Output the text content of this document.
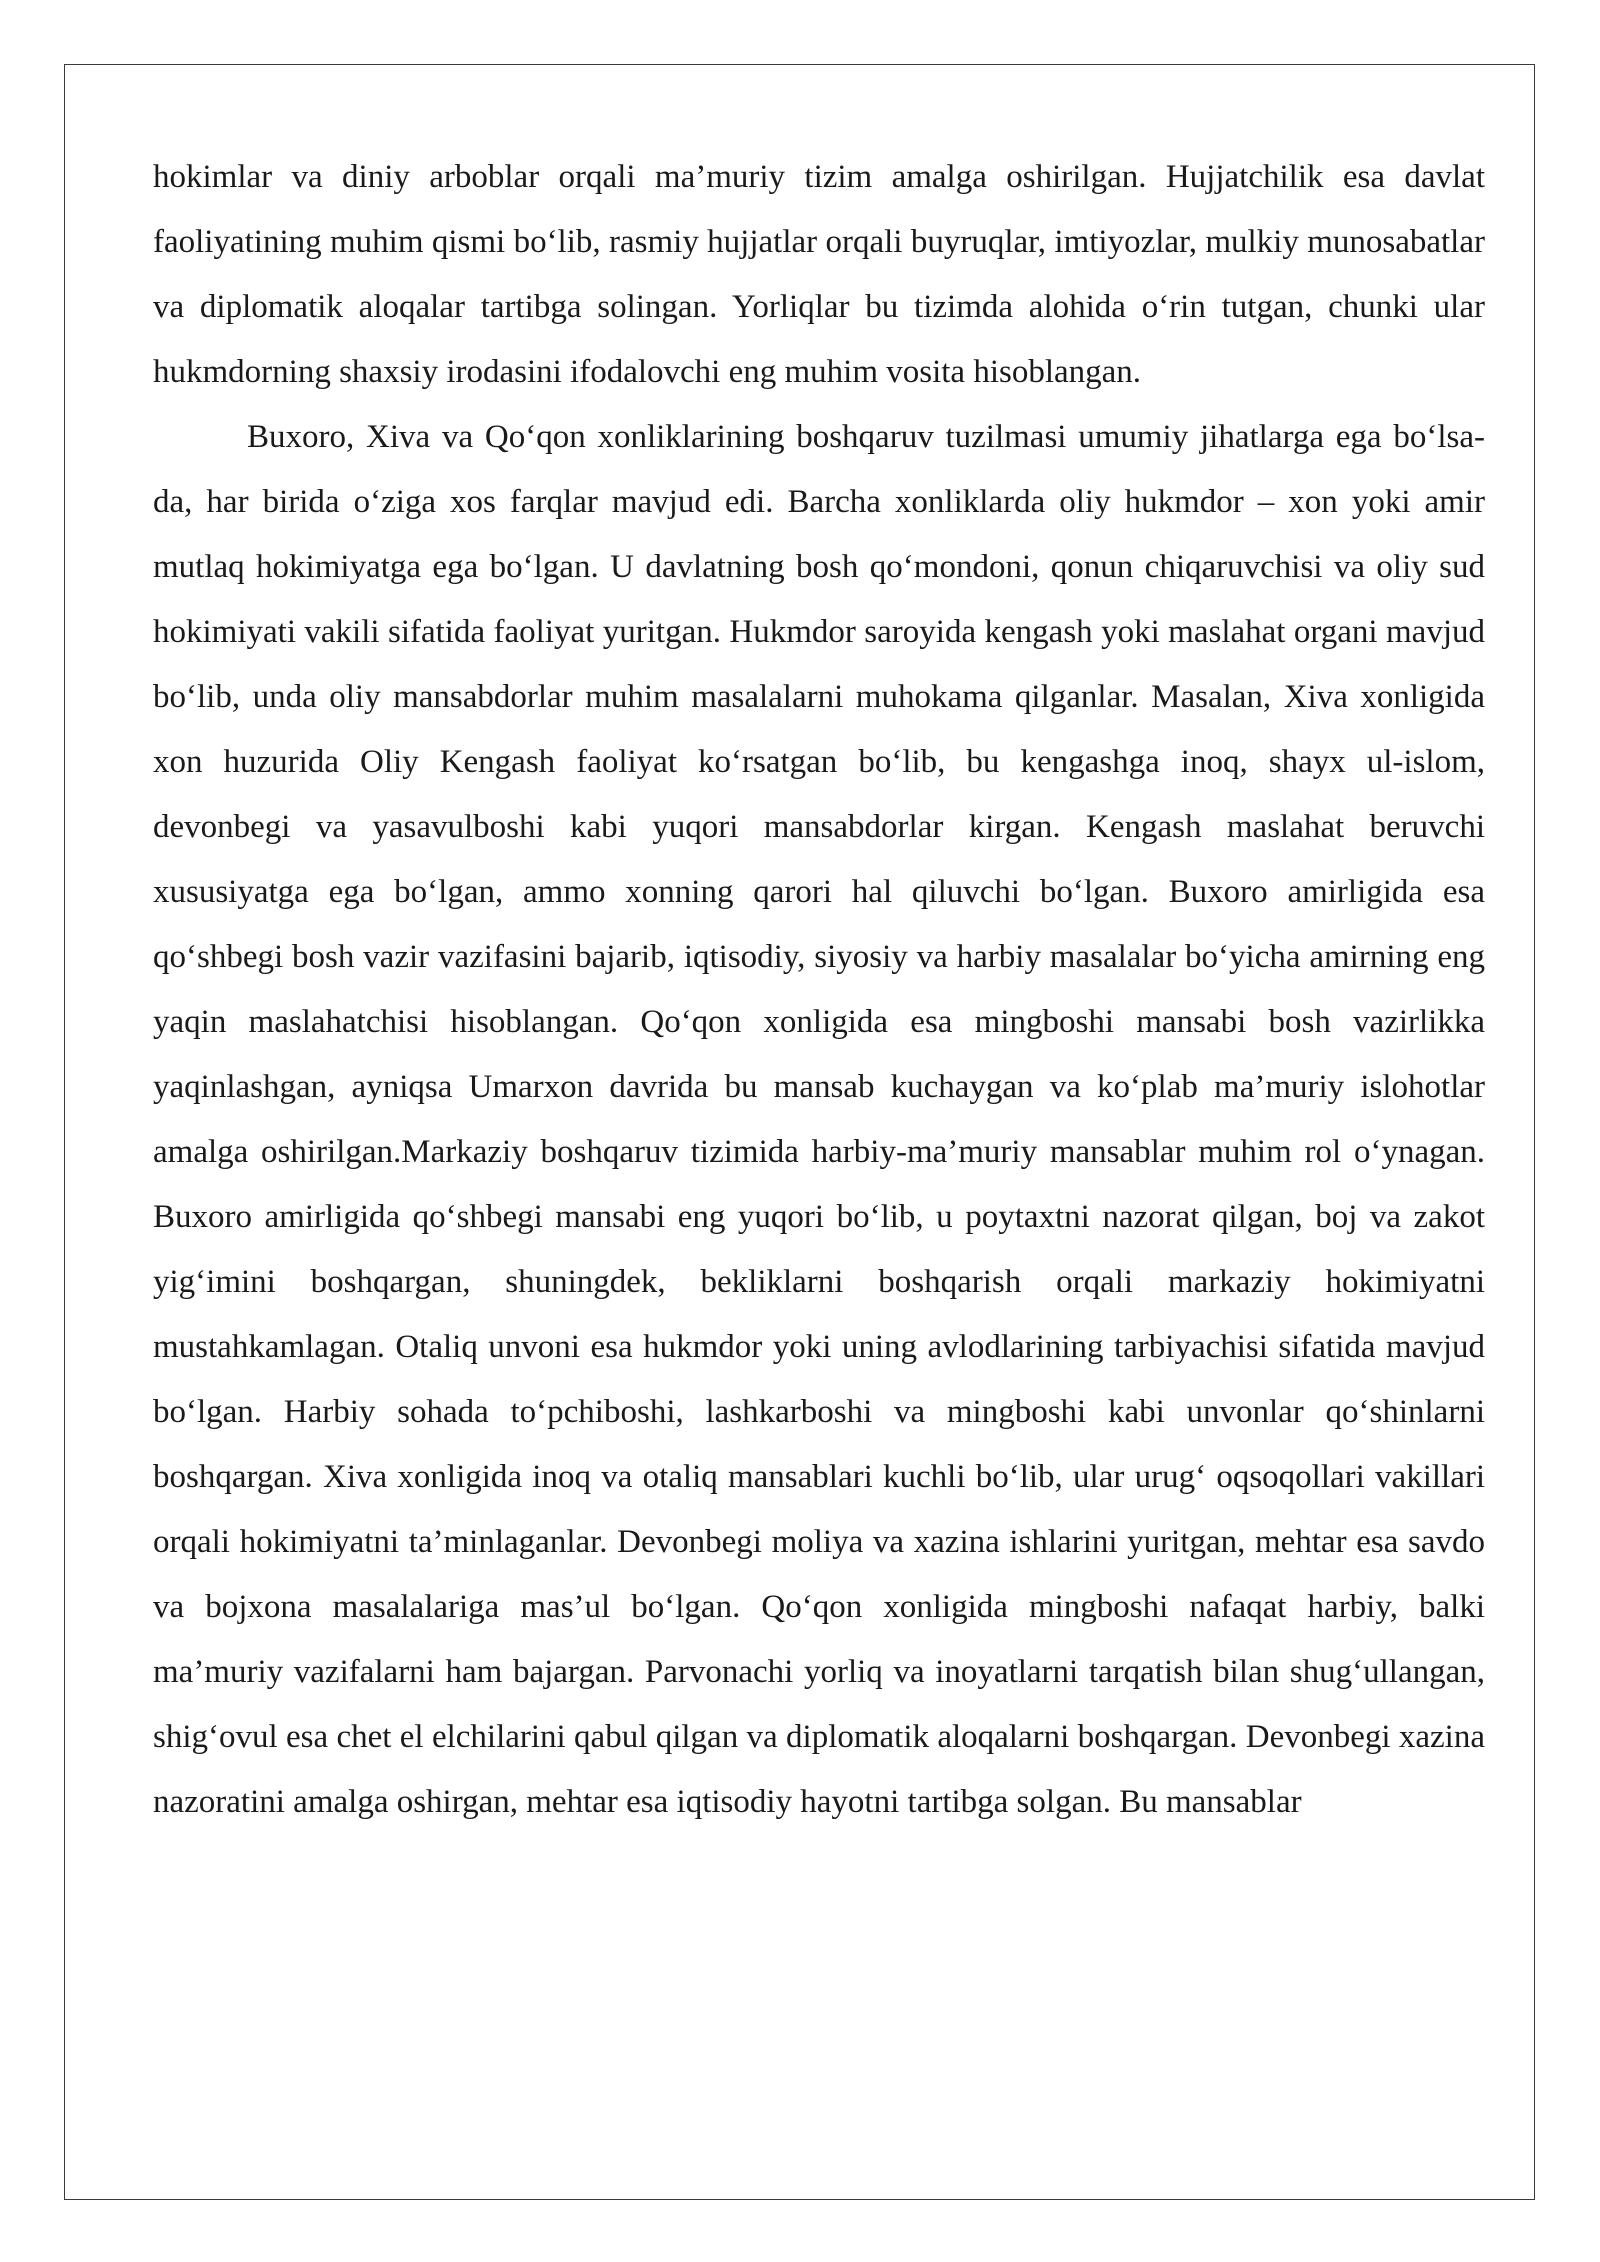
hokimlar va diniy arboblar orqali ma’muriy tizim amalga oshirilgan. Hujjatchilik esa davlat faoliyatining muhim qismi bo‘lib, rasmiy hujjatlar orqali buyruqlar, imtiyozlar, mulkiy munosabatlar va diplomatik aloqalar tartibga solingan. Yorliqlar bu tizimda alohida o‘rin tutgan, chunki ular hukmdorning shaxsiy irodasini ifodalovchi eng muhim vosita hisoblangan.

Buxoro, Xiva va Qo‘qon xonliklarining boshqaruv tuzilmasi umumiy jihatlarga ega bo‘lsa-da, har birida o‘ziga xos farqlar mavjud edi. Barcha xonliklarda oliy hukmdor – xon yoki amir mutlaq hokimiyatga ega bo‘lgan. U davlatning bosh qo‘mondoni, qonun chiqaruvchisi va oliy sud hokimiyati vakili sifatida faoliyat yuritgan. Hukmdor saroyida kengash yoki maslahat organi mavjud bo‘lib, unda oliy mansabdorlar muhim masalalarni muhokama qilganlar. Masalan, Xiva xonligida xon huzurida Oliy Kengash faoliyat ko‘rsatgan bo‘lib, bu kengashga inoq, shayx ul-islom, devonbegi va yasavulboshi kabi yuqori mansabdorlar kirgan. Kengash maslahat beruvchi xususiyatga ega bo‘lgan, ammo xonning qarori hal qiluvchi bo‘lgan. Buxoro amirligida esa qo‘shbegi bosh vazir vazifasini bajarib, iqtisodiy, siyosiy va harbiy masalalar bo‘yicha amirning eng yaqin maslahatchisi hisoblangan. Qo‘qon xonligida esa mingboshi mansabi bosh vazirlikka yaqinlashgan, ayniqsa Umarxon davrida bu mansab kuchaygan va ko‘plab ma’muriy islohotlar amalga oshirilgan.Markaziy boshqaruv tizimida harbiy-ma’muriy mansablar muhim rol o‘ynagan. Buxoro amirligida qo‘shbegi mansabi eng yuqori bo‘lib, u poytaxtni nazorat qilgan, boj va zakot yig‘imini boshqargan, shuningdek, bekliklarni boshqarish orqali markaziy hokimiyatni mustahkamlagan. Otaliq unvoni esa hukmdor yoki uning avlodlarining tarbiyachisi sifatida mavjud bo‘lgan. Harbiy sohada to‘pchiboshi, lashkarboshi va mingboshi kabi unvonlar qo‘shinlarni boshqargan. Xiva xonligida inoq va otaliq mansablari kuchli bo‘lib, ular urug‘ oqsoqollari vakillari orqali hokimiyatni ta’minlaganlar. Devonbegi moliya va xazina ishlarini yuritgan, mehtar esa savdo va bojxona masalalariga mas’ul bo‘lgan. Qo‘qon xonligida mingboshi nafaqat harbiy, balki ma’muriy vazifalarni ham bajargan. Parvonachi yorliq va inoyatlarni tarqatish bilan shug‘ullangan, shig‘ovul esa chet el elchilarini qabul qilgan va diplomatik aloqalarni boshqargan. Devonbegi xazina nazoratini amalga oshirgan, mehtar esa iqtisodiy hayotni tartibga solgan. Bu mansablar
